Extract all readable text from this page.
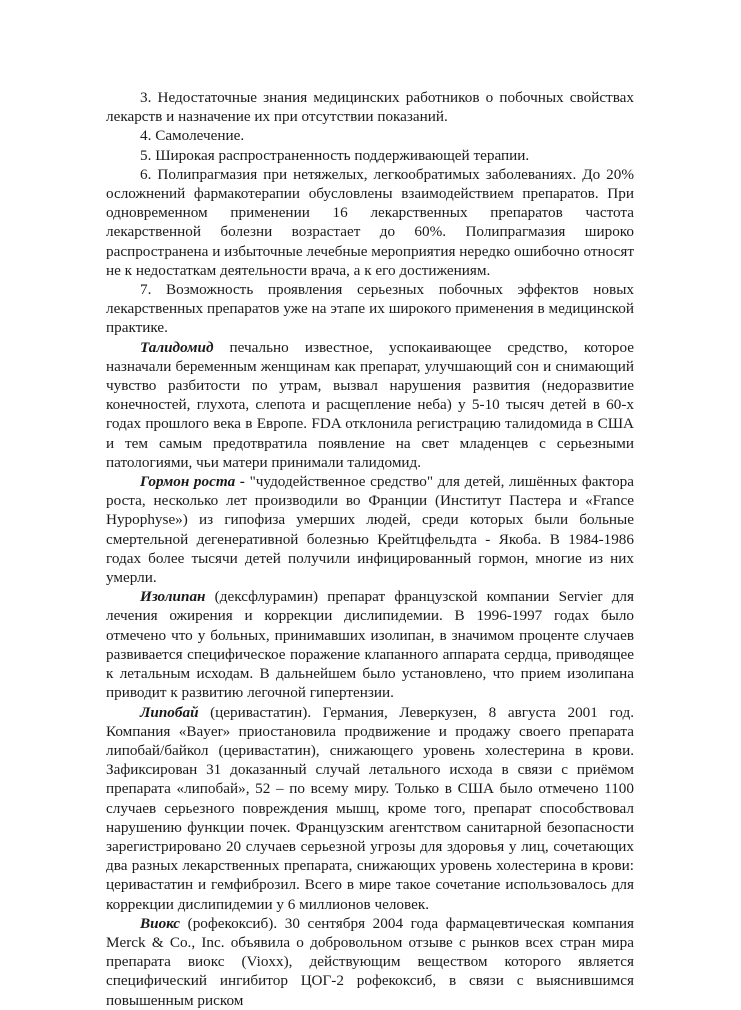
3. Недостаточные знания медицинских работников о побочных свойствах лекарств и назначение их при отсутствии показаний.

4. Самолечение.

5. Широкая распространенность поддерживающей терапии.

6. Полипрагмазия при нетяжелых, легкообратимых заболеваниях. До 20% осложнений фармакотерапии обусловлены взаимодействием препаратов. При одновременном применении 16 лекарственных препаратов частота лекарственной болезни возрастает до 60%. Полипрагмазия широко распространена и избыточные лечебные мероприятия нередко ошибочно относят не к недостаткам деятельности врача, а к его достижениям.

7. Возможность проявления серьезных побочных эффектов новых лекарственных препаратов уже на этапе их широкого применения в медицинской практике.

Талидомид печально известное, успокаивающее средство, которое назначали беременным женщинам как препарат, улучшающий сон и снимающий чувство разбитости по утрам, вызвал нарушения развития (недоразвитие конечностей, глухота, слепота и расщепление неба) у 5-10 тысяч детей в 60-х годах прошлого века в Европе. FDA отклонила регистрацию талидомида в США и тем самым предотвратила появление на свет младенцев с серьезными патологиями, чьи матери принимали талидомид.

Гормон роста - "чудодейственное средство" для детей, лишённых фактора роста, несколько лет производили во Франции (Институт Пастера и «France Hypophyse») из гипофиза умерших людей, среди которых были больные смертельной дегенеративной болезнью Крейтцфельдта - Якоба. В 1984-1986 годах более тысячи детей получили инфицированный гормон, многие из них умерли.

Изолипан (дексфлурамин) препарат французской компании Servier для лечения ожирения и коррекции дислипидемии. В 1996-1997 годах было отмечено что у больных, принимавших изолипан, в значимом проценте случаев развивается специфическое поражение клапанного аппарата сердца, приводящее к летальным исходам. В дальнейшем было установлено, что прием изолипана приводит к развитию легочной гипертензии.

Липобай (церивастатин). Германия, Леверкузен, 8 августа 2001 год. Компания «Bayer» приостановила продвижение и продажу своего препарата липобай/байкол (церивастатин), снижающего уровень холестерина в крови. Зафиксирован 31 доказанный случай летального исхода в связи с приёмом препарата «липобай», 52 – по всему миру. Только в США было отмечено 1100 случаев серьезного повреждения мышц, кроме того, препарат способствовал нарушению функции почек. Французским агентством санитарной безопасности зарегистрировано 20 случаев серьезной угрозы для здоровья у лиц, сочетающих два разных лекарственных препарата, снижающих уровень холестерина в крови: церивастатин и гемфиброзил. Всего в мире такое сочетание использовалось для коррекции дислипидемии у 6 миллионов человек.

Виокс (рофекоксиб). 30 сентября 2004 года фармацевтическая компания Merck & Co., Inc. объявила о добровольном отзыве с рынков всех стран мира препарата виокс (Vioxx), действующим веществом которого является специфический ингибитор ЦОГ-2 рофекоксиб, в связи с выяснившимся повышенным риском
